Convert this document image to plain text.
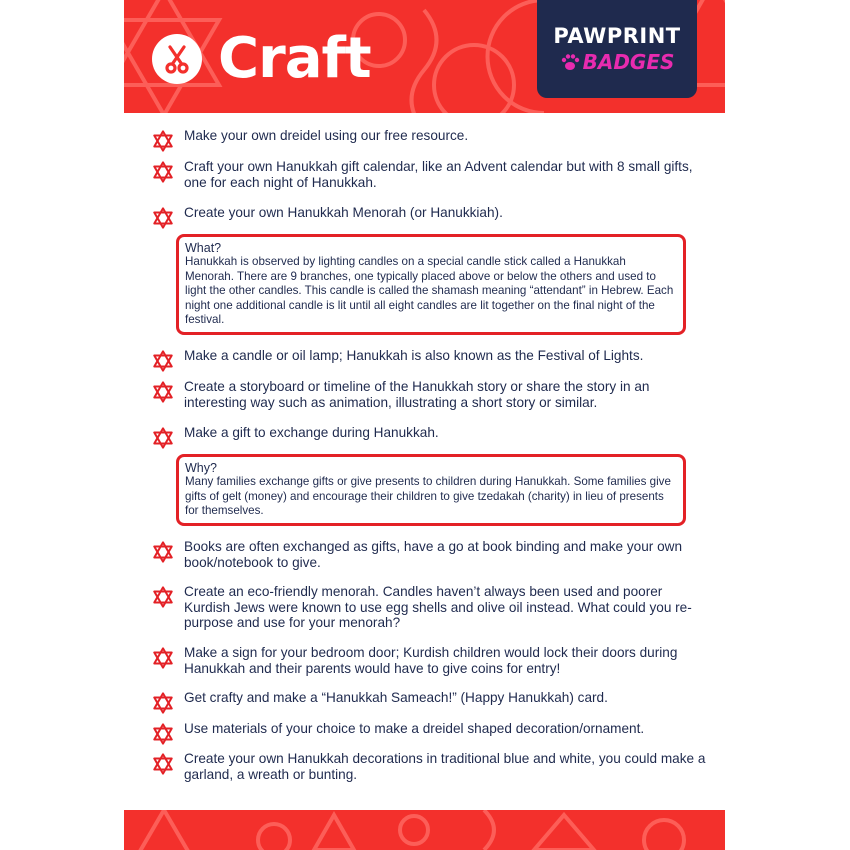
Craft	PAWPRINT
BADGES
Make your own dreidel using our free resource.
Craft your own Hanukkah gift calendar, like an Advent calendar but with 8 small gifts, one for each night of Hanukkah.
Create your own Hanukkah Menorah (or Hanukkiah).
What?
Hanukkah is observed by lighting candles on a special candle stick called a Hanukkah Menorah. There are 9 branches, one typically placed above or below the others and used to light the other candles. This candle is called the shamash meaning “attendant” in Hebrew. Each night one additional candle is lit until all eight candles are lit together on the final night of the festival.
Make a candle or oil lamp; Hanukkah is also known as the Festival of Lights.
Create a storyboard or timeline of the Hanukkah story or share the story in an interesting way such as animation, illustrating a short story or similar.
Make a gift to exchange during Hanukkah.
Why?
Many families exchange gifts or give presents to children during Hanukkah. Some families give gifts of gelt (money) and encourage their children to give tzedakah (charity) in lieu of presents for themselves.
Books are often exchanged as gifts, have a go at book binding and make your own book/notebook to give.
Create an eco-friendly menorah. Candles haven’t always been used and poorer Kurdish Jews were known to use egg shells and olive oil instead. What could you re-purpose and use for your menorah?
Make a sign for your bedroom door; Kurdish children would lock their doors during Hanukkah and their parents would have to give coins for entry!
Get crafty and make a “Hanukkah Sameach!” (Happy Hanukkah) card.
Use materials of your choice to make a dreidel shaped decoration/ornament.
Create your own Hanukkah decorations in traditional blue and white, you could make a garland, a wreath or bunting.
